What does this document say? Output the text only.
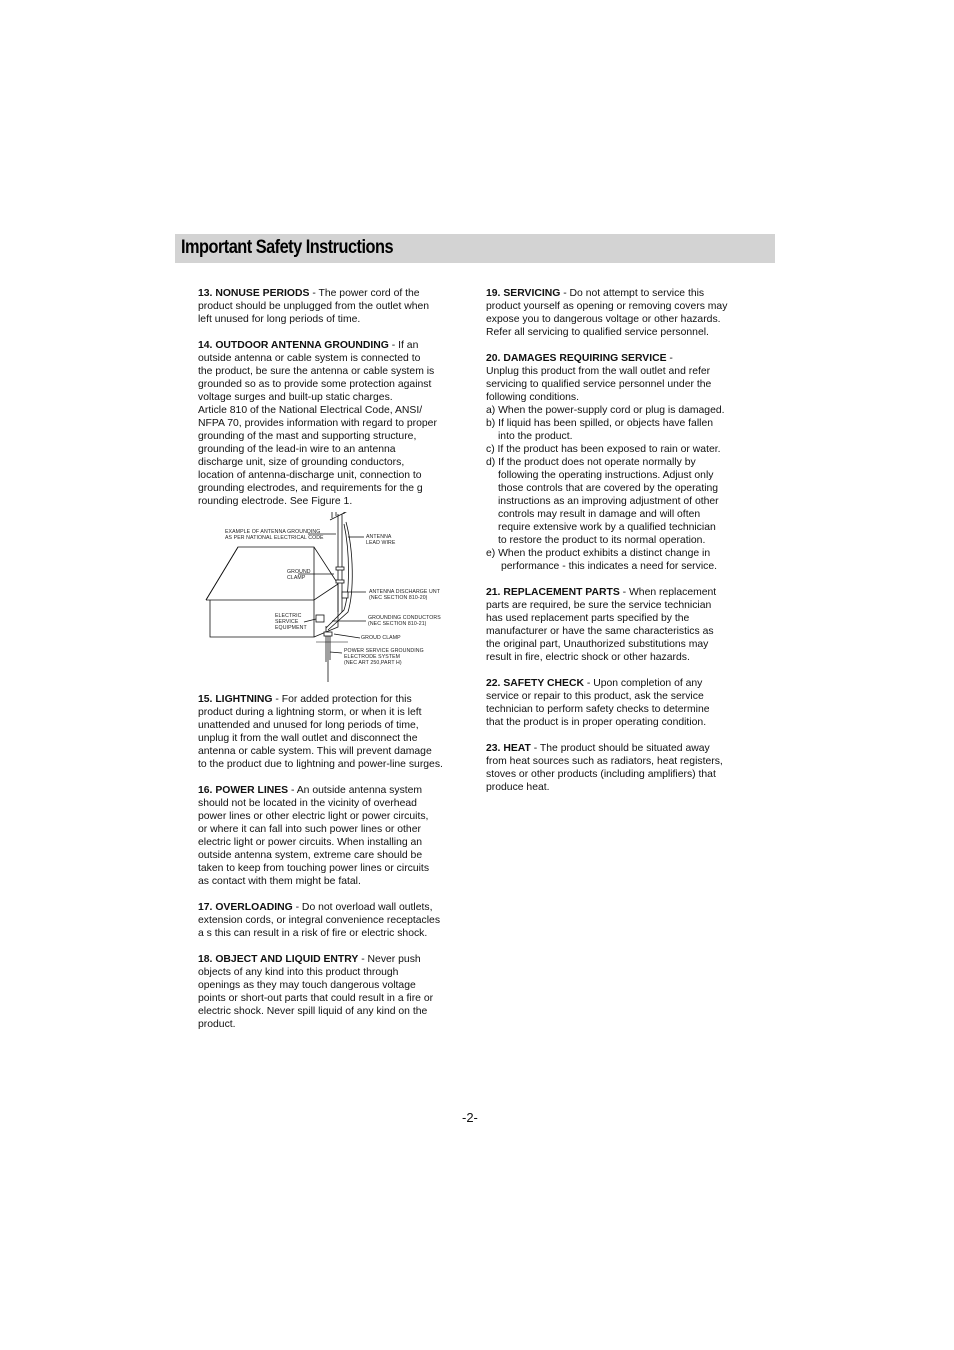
Important Safety Instructions
13. NONUSE PERIODS - The power cord of the
product should be unplugged from the outlet when
left unused for long periods of time.
14. OUTDOOR ANTENNA GROUNDING - If an
outside antenna or cable system is connected to
the product, be sure the antenna or cable system is
grounded so as to provide some protection against
voltage surges and built-up static charges.
Article 810 of the National Electrical Code, ANSI/
NFPA 70, provides information with regard to proper
grounding of the mast and supporting structure,
grounding of the lead-in wire to an antenna
discharge unit, size of grounding conductors,
location of antenna-discharge unit, connection to
grounding electrodes, and requirements for the g
rounding electrode. See Figure 1.
EXAMPLE OF ANTENNA GROUNDING
AS PER NATIONAL ELECTRICAL CODE	ANTENNA
LEAD WIRE
GROUND
CLAMP
ANTENNA DISCHARGE UNT
(NEC SECTION 810-20)
ELECTRIC
SERVICE
EQUIPMENT
GROUNDING CONDUCTORS
(NEC SECTION 810-21)
GROUD CLAMP
POWER SERVICE GROUNDING
ELECTRODE SYSTEM
(NEC ART 250,PART H)
15. LIGHTNING - For added protection for this
product during a lightning storm, or when it is left
unattended and unused for long periods of time,
unplug it from the wall outlet and disconnect the
antenna or cable system. This will prevent damage
to the product due to lightning and power-line surges.
16. POWER LINES - An outside antenna system
should not be located in the vicinity of overhead
power lines or other electric light or power circuits,
or where it can fall into such power lines or other
electric light or power circuits. When installing an
outside antenna system, extreme care should be
taken to keep from touching power lines or circuits
as contact with them might be fatal.
17. OVERLOADING - Do not overload wall outlets,
extension cords, or integral convenience receptacles
a s this can result in a risk of fire or electric shock.
18. OBJECT AND LIQUID ENTRY - Never push
objects of any kind into this product through
openings as they may touch dangerous voltage
points or short-out parts that could result in a fire or
electric shock. Never spill liquid of any kind on the
product.
19. SERVICING - Do not attempt to service this
product yourself as opening or removing covers may
expose you to dangerous voltage or other hazards.
Refer all servicing to qualified service personnel.
20. DAMAGES REQUIRING SERVICE -
Unplug this product from the wall outlet and refer
servicing to qualified service personnel under the
following conditions.
a) When the power-supply cord or plug is damaged.
b) If liquid has been spilled, or objects have fallen
into the product.
c) If the product has been exposed to rain or water.
d) If the product does not operate normally by
following the operating instructions. Adjust only
those controls that are covered by the operating
instructions as an improving adjustment of other
controls may result in damage and will often
require extensive work by a qualified technician
to restore the product to its normal operation.
e) When the product exhibits a distinct change in
performance - this indicates a need for service.
21. REPLACEMENT PARTS - When replacement
parts are required, be sure the service technician
has used replacement parts specified by the
manufacturer or have the same characteristics as
the original part, Unauthorized substitutions may
result in fire, electric shock or other hazards.
22. SAFETY CHECK - Upon completion of any
service or repair to this product, ask the service
technician to perform safety checks to determine
that the product is in proper operating condition.
23. HEAT - The product should be situated away
from heat sources such as radiators, heat registers,
stoves or other products (including amplifiers) that
produce heat.
-2-
